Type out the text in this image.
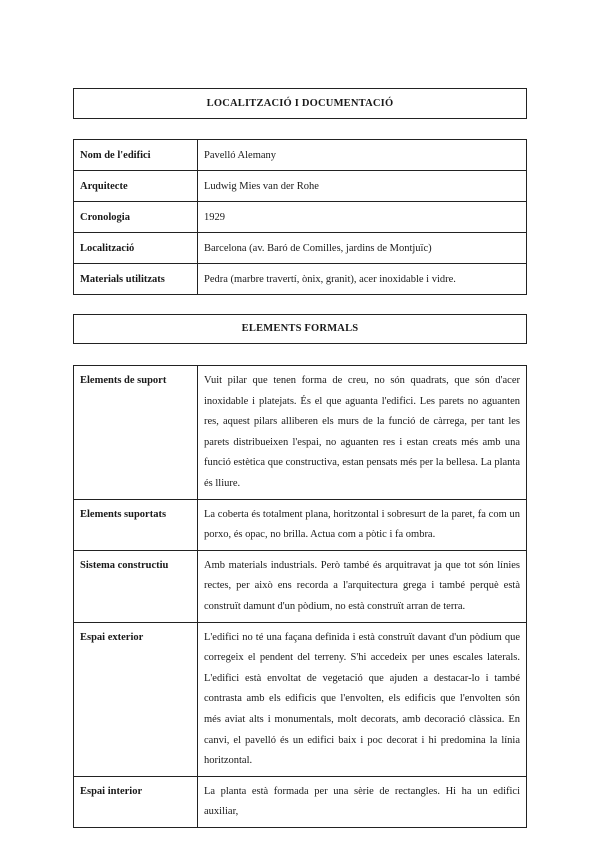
LOCALITZACIÓ I DOCUMENTACIÓ
Nom de l'edifici	Pavelló Alemany
Arquitecte	Ludwig Mies van der Rohe
Cronologia	1929
Localització	Barcelona (av. Baró de Comilles, jardins de Montjuïc)
Materials utilitzats	Pedra (marbre travertí, ònix, granit), acer inoxidable i vidre.
ELEMENTS FORMALS
Elements de suport	Vuit pilar que tenen forma de creu, no són quadrats, que són d'acer inoxidable i platejats. És el que aguanta l'edifici. Les parets no aguanten res, aquest pilars alliberen els murs de la funció de càrrega, per tant les parets distribueixen l'espai, no aguanten res i estan creats més amb una funció estètica que constructiva, estan pensats més per la bellesa. La planta és lliure.
Elements suportats	La coberta és totalment plana, horitzontal i sobresurt de la paret, fa com un porxo, és opac, no brilla. Actua com a pòtic i fa ombra.
Sistema constructiu	Amb materials industrials. Però també és arquitravat ja que tot són línies rectes, per això ens recorda a l'arquitectura grega i també perquè està construït damunt d'un pòdium, no està construït arran de terra.
Espai exterior	L'edifici no té una façana definida i està construït davant d'un pòdium que corregeix el pendent del terreny. S'hi accedeix per unes escales laterals. L'edifici està envoltat de vegetació que ajuden a destacar-lo i també contrasta amb els edificis que l'envolten, els edificis que l'envolten són més aviat alts i monumentals, molt decorats, amb decoració clàssica. En canvi, el pavelló és un edifici baix i poc decorat i hi predomina la línia horitzontal.
Espai interior	La planta està formada per una sèrie de rectangles. Hi ha un edifici auxiliar,
